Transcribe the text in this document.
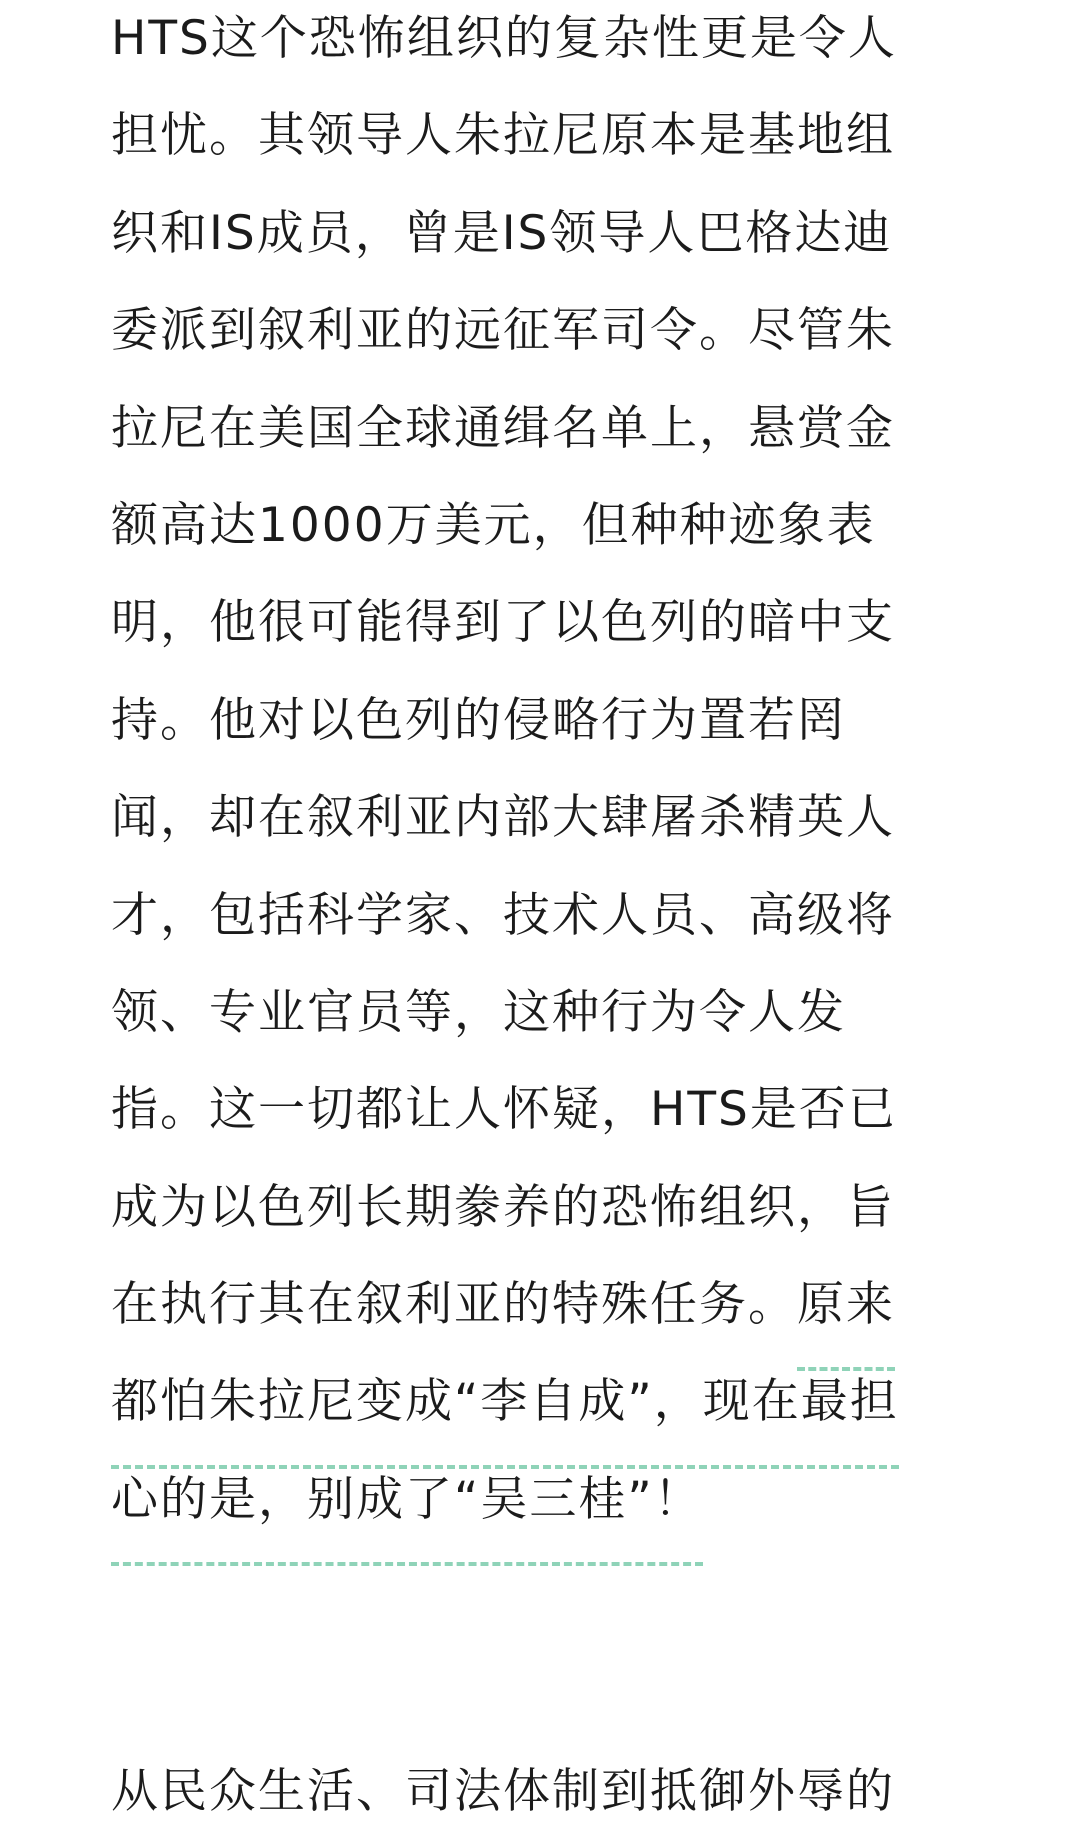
HTS这个恐怖组织的复杂性更是令人
担忧。其领导人朱拉尼原本是基地组
织和IS成员，曾是IS领导人巴格达迪
委派到叙利亚的远征军司令。尽管朱
拉尼在美国全球通缉名单上，悬赏金
额高达1000万美元，但种种迹象表
明，他很可能得到了以色列的暗中支
持。他对以色列的侵略行为置若罔
闻，却在叙利亚内部大肆屠杀精英人
才，包括科学家、技术人员、高级将
领、专业官员等，这种行为令人发
指。这一切都让人怀疑，HTS是否已
成为以色列长期豢养的恐怖组织，旨
在执行其在叙利亚的特殊任务。原来
都怕朱拉尼变成“李自成”，现在最担
心的是，别成了“吴三桂”！
从民众生活、司法体制到抵御外辱的
